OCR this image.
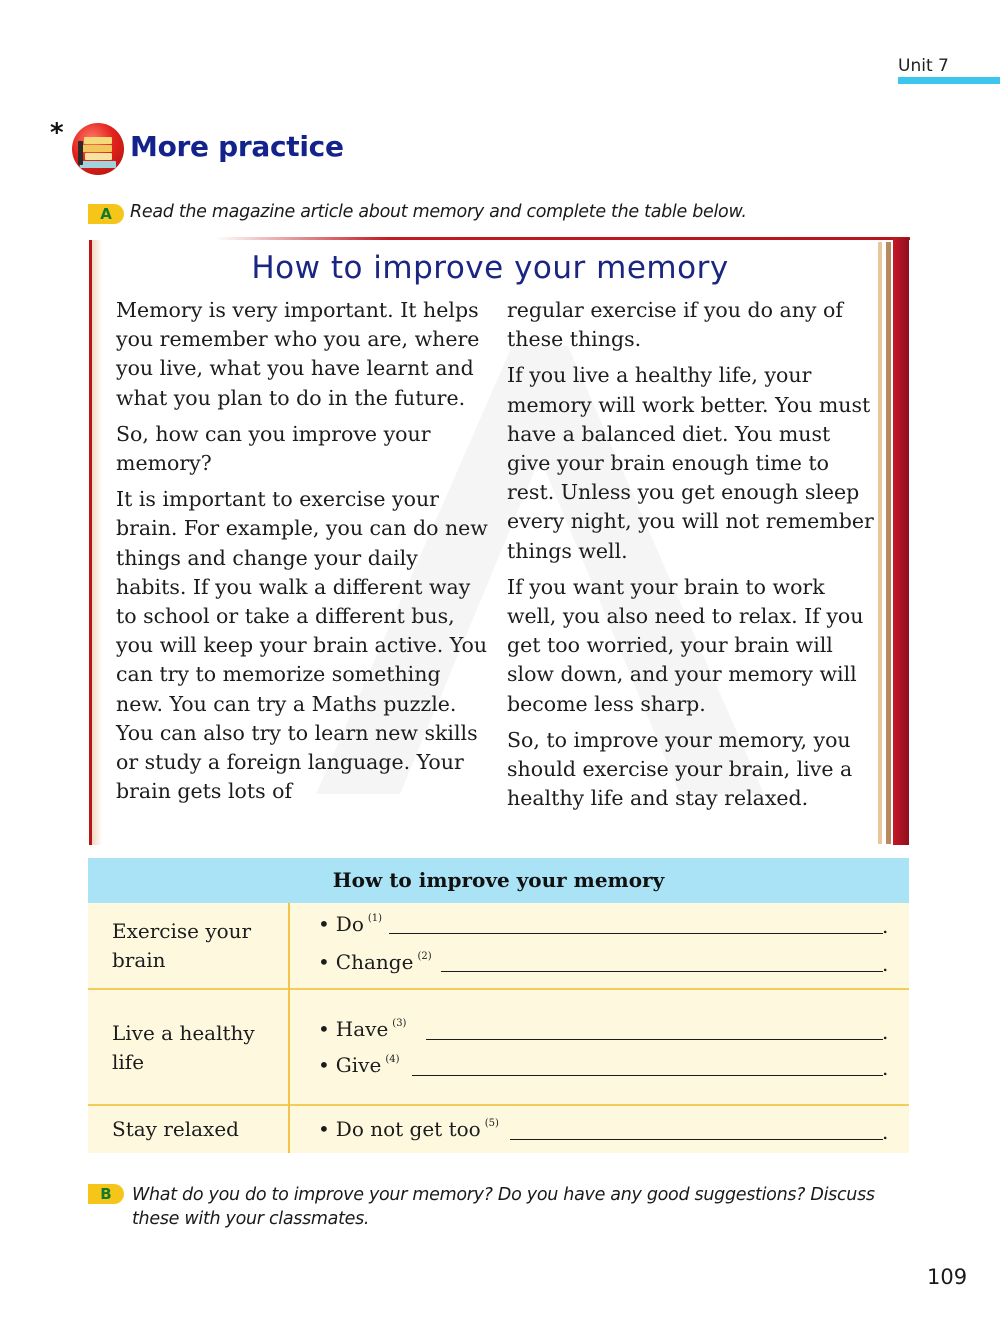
Unit 7
* More practice
A	Read the magazine article about memory and complete the table below.
How to improve your memory

Memory is very important. It helps you remember who you are, where you live, what you have learnt and what you plan to do in the future.

So, how can you improve your memory?

It is important to exercise your brain. For example, you can do new things and change your daily habits. If you walk a different way to school or take a different bus, you will keep your brain active. You can try to memorize something new. You can try a Maths puzzle. You can also try to learn new skills or study a foreign language. Your brain gets lots of

regular exercise if you do any of these things.

If you live a healthy life, your memory will work better. You must have a balanced diet. You must give your brain enough time to rest. Unless you get enough sleep every night, you will not remember things well.

If you want your brain to work well, you also need to relax. If you get too worried, your brain will slow down, and your memory will become less sharp.

So, to improve your memory, you should exercise your brain, live a healthy life and stay relaxed.

How to improve your memory
Exercise your brain
• Do $^{(1)}$	.
• Change $^{(2)}$	.
Live a healthy life
• Have $^{(3)}$	.
• Give $^{(4)}$	.
Stay relaxed	• Do not get too $^{(5)}$	.
B	What do you do to improve your memory? Do you have any good suggestions? Discuss these with your classmates.
109
